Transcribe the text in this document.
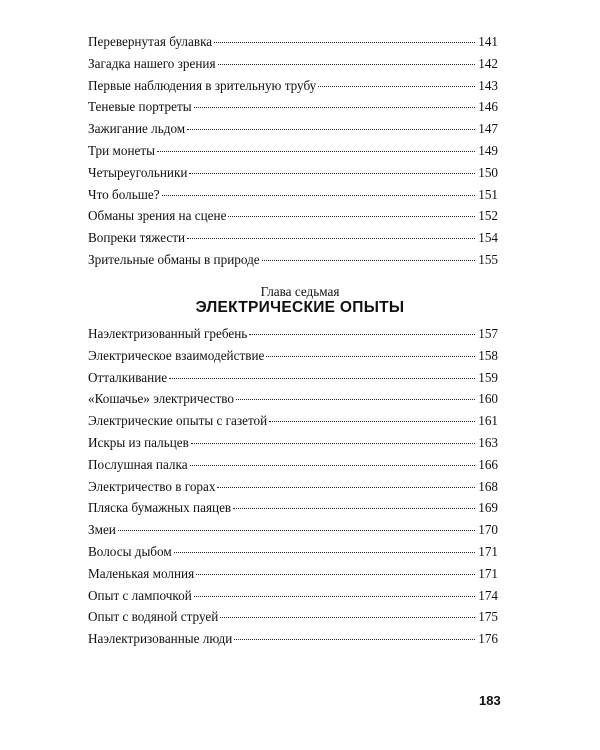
Перевернутая булавка	141
Загадка нашего зрения	142
Первые наблюдения в зрительную трубу	143
Теневые портреты	146
Зажигание льдом	147
Три монеты	149
Четыреугольники	150
Что больше?	151
Обманы зрения на сцене	152
Вопреки тяжести	154
Зрительные обманы в природе	155
Глава седьмая
ЭЛЕКТРИЧЕСКИЕ ОПЫТЫ
Наэлектризованный гребень	157
Электрическое взаимодействие	158
Отталкивание	159
«Кошачье» электричество	160
Электрические опыты с газетой	161
Искры из пальцев	163
Послушная палка	166
Электричество в горах	168
Пляска бумажных паяцев	169
Змеи	170
Волосы дыбом	171
Маленькая молния	171
Опыт с лампочкой	174
Опыт с водяной струей	175
Наэлектризованные люди	176
183
